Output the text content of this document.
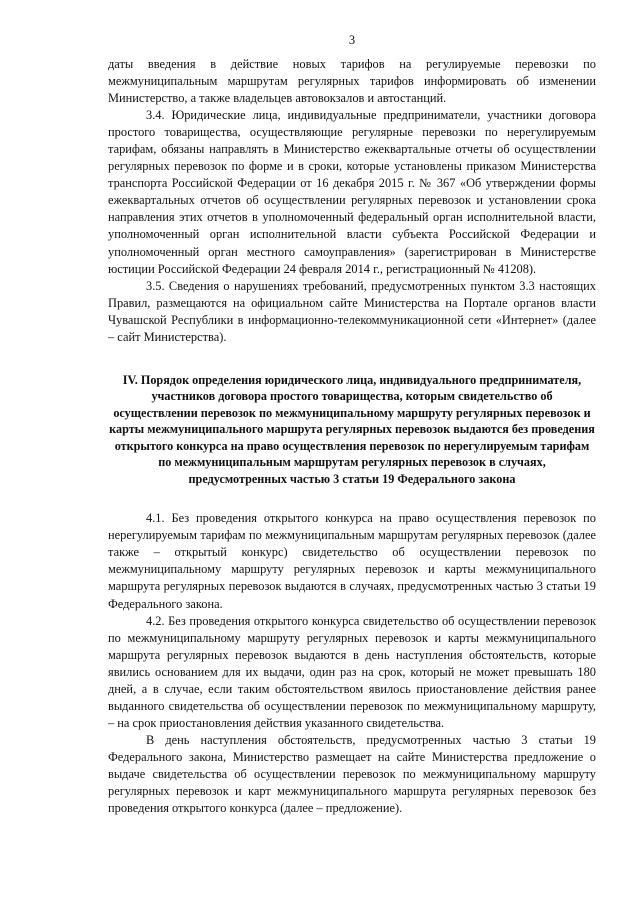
3

даты введения в действие новых тарифов на регулируемые перевозки по межмуниципальным маршрутам регулярных тарифов информировать об изменении Министерство, а также владельцев автовокзалов и автостанций.

3.4. Юридические лица, индивидуальные предприниматели, участники договора простого товарищества, осуществляющие регулярные перевозки по нерегулируемым тарифам, обязаны направлять в Министерство ежеквартальные отчеты об осуществлении регулярных перевозок по форме и в сроки, которые установлены приказом Министерства транспорта Российской Федерации от 16 декабря 2015 г. № 367 «Об утверждении формы ежеквартальных отчетов об осуществлении регулярных перевозок и установлении срока направления этих отчетов в уполномоченный федеральный орган исполнительной власти, уполномоченный орган исполнительной власти субъекта Российской Федерации и уполномоченный орган местного самоуправления» (зарегистрирован в Министерстве юстиции Российской Федерации 24 февраля 2014 г., регистрационный № 41208).

3.5. Сведения о нарушениях требований, предусмотренных пунктом 3.3 настоящих Правил, размещаются на официальном сайте Министерства на Портале органов власти Чувашской Республики в информационно-телекоммуникационной сети «Интернет» (далее – сайт Министерства).

IV. Порядок определения юридического лица, индивидуального предпринимателя, участников договора простого товарищества, которым свидетельство об осуществлении перевозок по межмуниципальному маршруту регулярных перевозок и карты межмуниципального маршрута регулярных перевозок выдаются без проведения открытого конкурса на право осуществления перевозок по нерегулируемым тарифам по межмуниципальным маршрутам регулярных перевозок в случаях, предусмотренных частью 3 статьи 19 Федерального закона

4.1. Без проведения открытого конкурса на право осуществления перевозок по нерегулируемым тарифам по межмуниципальным маршрутам регулярных перевозок (далее также – открытый конкурс) свидетельство об осуществлении перевозок по межмуниципальному маршруту регулярных перевозок и карты межмуниципального маршрута регулярных перевозок выдаются в случаях, предусмотренных частью 3 статьи 19 Федерального закона.

4.2. Без проведения открытого конкурса свидетельство об осуществлении перевозок по межмуниципальному маршруту регулярных перевозок и карты межмуниципального маршрута регулярных перевозок выдаются в день наступления обстоятельств, которые явились основанием для их выдачи, один раз на срок, который не может превышать 180 дней, а в случае, если таким обстоятельством явилось приостановление действия ранее выданного свидетельства об осуществлении перевозок по межмуниципальному маршруту, – на срок приостановления действия указанного свидетельства.

В день наступления обстоятельств, предусмотренных частью 3 статьи 19 Федерального закона, Министерство размещает на сайте Министерства предложение о выдаче свидетельства об осуществлении перевозок по межмуниципальному маршруту регулярных перевозок и карт межмуниципального маршрута регулярных перевозок без проведения открытого конкурса (далее – предложение).
